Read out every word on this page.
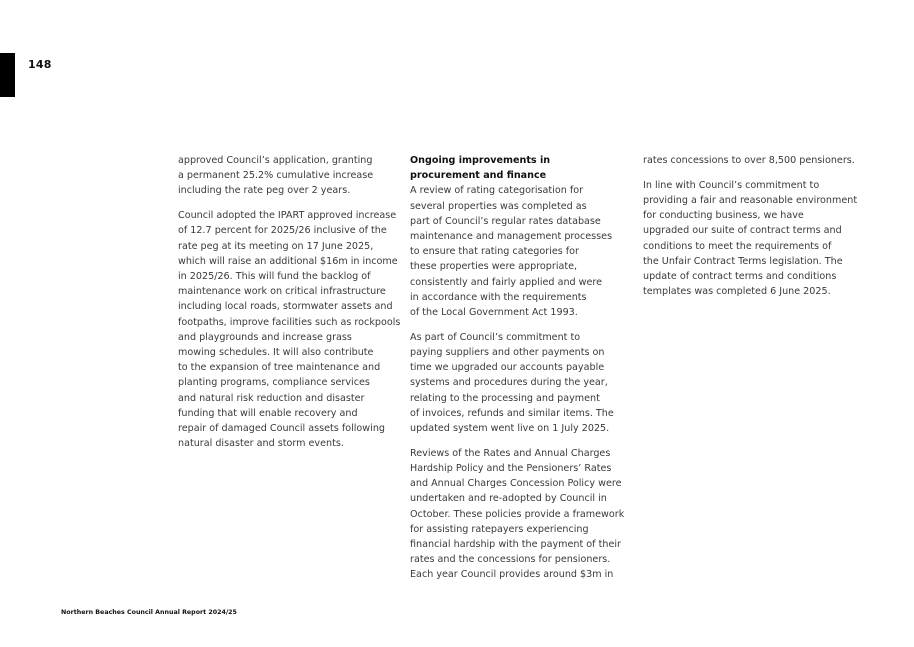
148

approved Council’s application, granting
a permanent 25.2% cumulative increase
including the rate peg over 2 years.

Council adopted the IPART approved increase
of 12.7 percent for 2025/26 inclusive of the
rate peg at its meeting on 17 June 2025,
which will raise an additional $16m in income
in 2025/26. This will fund the backlog of
maintenance work on critical infrastructure
including local roads, stormwater assets and
footpaths, improve facilities such as rockpools
and playgrounds and increase grass
mowing schedules. It will also contribute
to the expansion of tree maintenance and
planting programs, compliance services
and natural risk reduction and disaster
funding that will enable recovery and
repair of damaged Council assets following
natural disaster and storm events.

Ongoing improvements in
procurement and finance

A review of rating categorisation for
several properties was completed as
part of Council’s regular rates database
maintenance and management processes
to ensure that rating categories for
these properties were appropriate,
consistently and fairly applied and were
in accordance with the requirements
of the Local Government Act 1993.

As part of Council’s commitment to
paying suppliers and other payments on
time we upgraded our accounts payable
systems and procedures during the year,
relating to the processing and payment
of invoices, refunds and similar items. The
updated system went live on 1 July 2025.

Reviews of the Rates and Annual Charges
Hardship Policy and the Pensioners’ Rates
and Annual Charges Concession Policy were
undertaken and re-adopted by Council in
October. These policies provide a framework
for assisting ratepayers experiencing
financial hardship with the payment of their
rates and the concessions for pensioners.
Each year Council provides around $3m in

rates concessions to over 8,500 pensioners.

In line with Council’s commitment to
providing a fair and reasonable environment
for conducting business, we have
upgraded our suite of contract terms and
conditions to meet the requirements of
the Unfair Contract Terms legislation. The
update of contract terms and conditions
templates was completed 6 June 2025.

Northern Beaches Council Annual Report 2024/25
